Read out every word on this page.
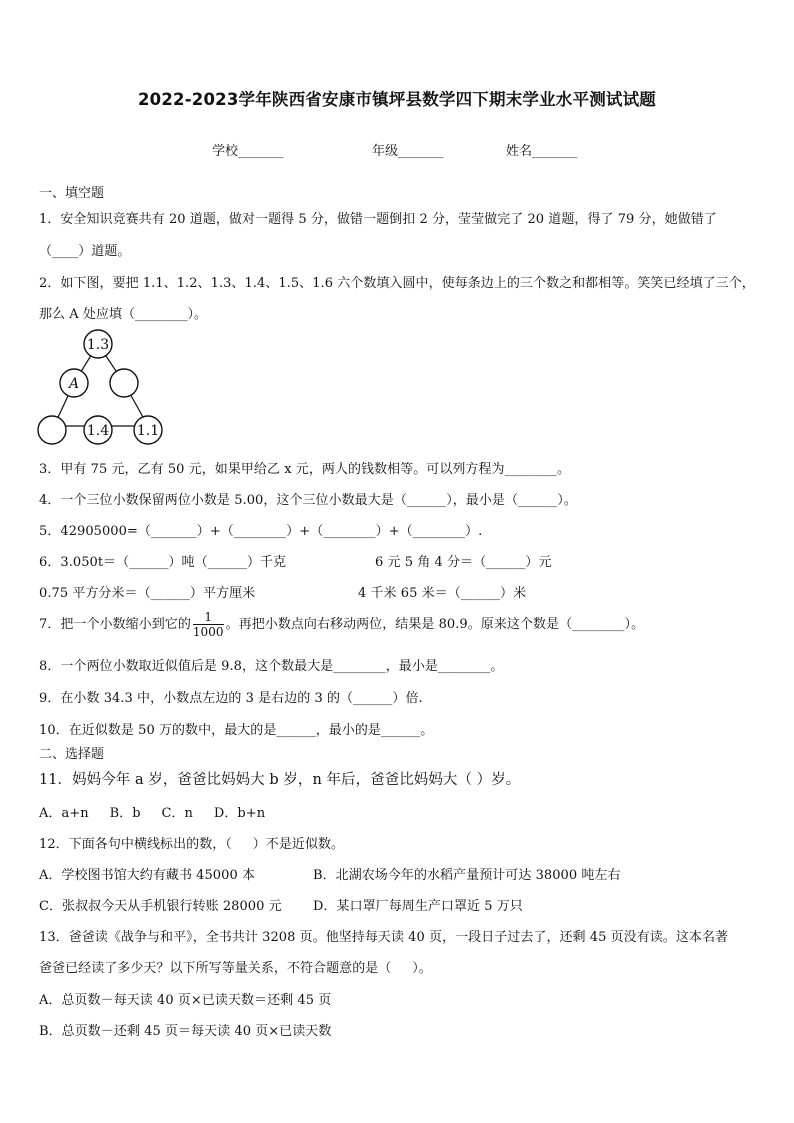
2022-2023学年陕西省安康市镇坪县数学四下期末学业水平测试试题
学校_______	年级_______	姓名_______
一、填空题
1．安全知识竞赛共有 20 道题，做对一题得 5 分，做错一题倒扣 2 分，莹莹做完了 20 道题，得了 79 分，她做错了
（____）道题。
2．如下图，要把 1.1、1.2、1.3、1.4、1.5、1.6 六个数填入圆中，使每条边上的三个数之和都相等。笑笑已经填了三个，
那么 A 处应填（________）。
1.3
A
1.4 1.1
3．甲有 75 元，乙有 50 元，如果甲给乙 x 元，两人的钱数相等。可以列方程为________。
4．一个三位小数保留两位小数是 5.00，这个三位小数最大是（______），最小是（______）。
5．42905000=（_______）+（________）+（________）+（________）.
6．3.050t＝（______）吨（______）千克	6 元 5 角 4 分＝（______）元
0.75 平方分米＝（______）平方厘米	4 千米 65 米＝（______）米
7．把一个小数缩小到它的 $\frac{1}{1000}$ 。再把小数点向右移动两位，结果是 80.9。原来这个数是（________）。
8．一个两位小数取近似值后是 9.8，这个数最大是________，最小是________。
9．在小数 34.3 中，小数点左边的 3 是右边的 3 的（______）倍.
10．在近似数是 50 万的数中，最大的是______，最小的是______。
二、选择题
11．妈妈今年 a 岁，爸爸比妈妈大 b 岁，n 年后，爸爸比妈妈大（ ）岁。
A．a+n     B．b     C．n     D．b+n
12．下面各句中横线标出的数，（     ）不是近似数。
A．学校图书馆大约有藏书 45000 本	B．北湖农场今年的水稻产量预计可达 38000 吨左右
C．张叔叔今天从手机银行转账 28000 元 D．某口罩厂每周生产口罩近 5 万只
13．爸爸读《战争与和平》，全书共计 3208 页。他坚持每天读 40 页，一段日子过去了，还剩 45 页没有读。这本名著
爸爸已经读了多少天？以下所写等量关系，不符合题意的是（     ）。
A．总页数－每天读 40 页×已读天数＝还剩 45 页
B．总页数－还剩 45 页＝每天读 40 页×已读天数
